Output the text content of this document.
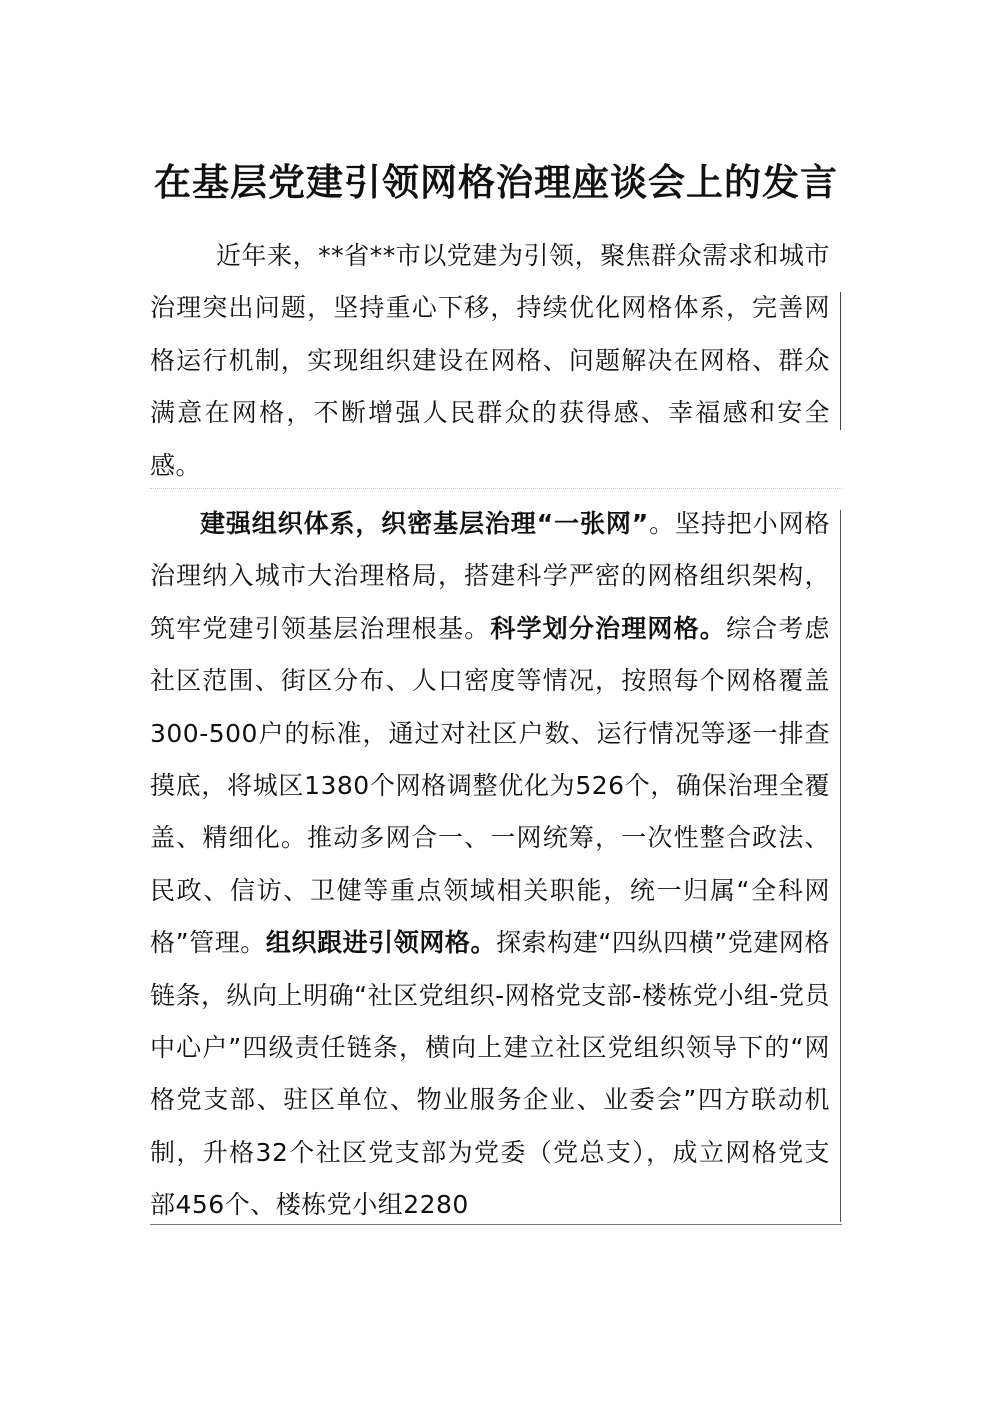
在基层党建引领网格治理座谈会上的发言

近年来，**省**市以党建为引领，聚焦群众需求和城市治理突出问题，坚持重心下移，持续优化网格体系，完善网格运行机制，实现组织建设在网格、问题解决在网格、群众满意在网格，不断增强人民群众的获得感、幸福感和安全感。

建强组织体系，织密基层治理“一张网”。坚持把小网格治理纳入城市大治理格局，搭建科学严密的网格组织架构，筑牢党建引领基层治理根基。科学划分治理网格。综合考虑社区范围、街区分布、人口密度等情况，按照每个网格覆盖300-500户的标准，通过对社区户数、运行情况等逐一排查摸底，将城区1380个网格调整优化为526个，确保治理全覆盖、精细化。推动多网合一、一网统筹，一次性整合政法、民政、信访、卫健等重点领域相关职能，统一归属“全科网格”管理。组织跟进引领网格。探索构建“四纵四横”党建网格链条，纵向上明确“社区党组织-网格党支部-楼栋党小组-党员中心户”四级责任链条，横向上建立社区党组织领导下的“网格党支部、驻区单位、物业服务企业、业委会”四方联动机制，升格32个社区党支部为党委（党总支），成立网格党支部456个、楼栋党小组2280
